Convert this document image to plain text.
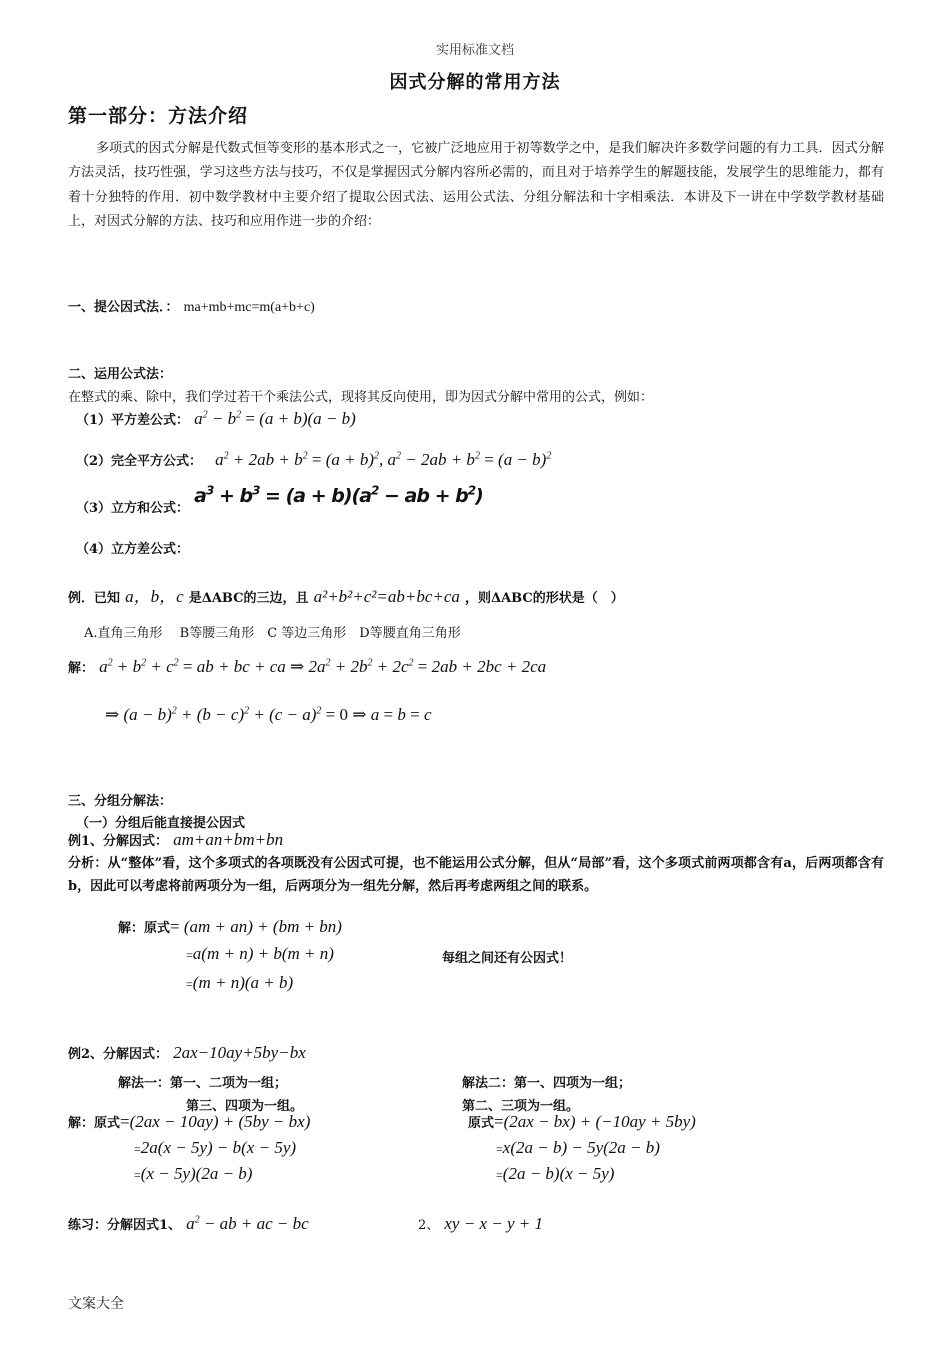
实用标准文档
因式分解的常用方法
第一部分：方法介绍
多项式的因式分解是代数式恒等变形的基本形式之一，它被广泛地应用于初等数学之中，是我们解决许多数学问题的有力工具．因式分解方法灵活，技巧性强，学习这些方法与技巧，不仅是掌握因式分解内容所必需的，而且对于培养学生的解题技能，发展学生的思维能力，都有着十分独特的作用．初中数学教材中主要介绍了提取公因式法、运用公式法、分组分解法和十字相乘法．本讲及下一讲在中学数学教材基础上，对因式分解的方法、技巧和应用作进一步的介绍：
一、提公因式法．： ma+mb+mc=m(a+b+c)
二、运用公式法：
在整式的乘、除中，我们学过若干个乘法公式，现将其反向使用，即为因式分解中常用的公式，例如：
（1）平方差公式： $a^2 - b^2 = (a + b)(a - b)$
（2）完全平方公式： $a^2 + 2ab + b^2 = (a + b)^2$, $a^2 - 2ab + b^2 = (a - b)^2$
$_{(3)立方和公式:}$ $a^3 + b^3 = (a + b)(a^2$ − ab + $b^2$)
（4）立方差公式：
例．已知 a，b，c 是ΔABC的三边，且 a²+b²+c²=ab+bc+ca ，则ΔABC的形状是（　）
A.直角三角形　 B等腰三角形　C 等边三角形　D等腰直角三角形
解： $a^2 + b^2 + c^2$ = ab + bc + ca ⇒ $2a^2 + 2b^2 + 2c^2 = 2ab + 2bc + 2ca$
⇒ $(a - b)^2 + (b - c)^2 + (c - a)^2 = 0$ ⇒ a = b = c
三、分组分解法：
（一）分组后能直接提公因式
例1、分解因式： am+an+bm+bn
分析：从“整体”看，这个多项式的各项既没有公因式可提，也不能运用公式分解，但从“局部”看，这个多项式前两项都含有a，后两项都含有b，因此可以考虑将前两项分为一组，后两项分为一组先分解，然后再考虑两组之间的联系。
解：原式= (am + an) + (bm + bn)
=a(m + n) + b(m + n)	每组之间还有公因式！
=(m + n)(a + b)
例2、分解因式： 2ax−10ay+5by−bx
解法一：第一、二项为一组；
第三、四项为一组。
解法二：第一、四项为一组；
第二、三项为一组。
解：原式=(2ax − 10ay) + (5by − bx)
=2a(x − 5y) − b(x − 5y)
=(x − 5y)(2a − b)
原式=(2ax − bx) + (−10ay + 5by)
=x(2a − b) − 5y(2a − b)
=(2a − b)(x − 5y)
练习：分解因式1、 $a^2$ − ab + ac − bc	2、 xy − x − y + 1
文案大全
